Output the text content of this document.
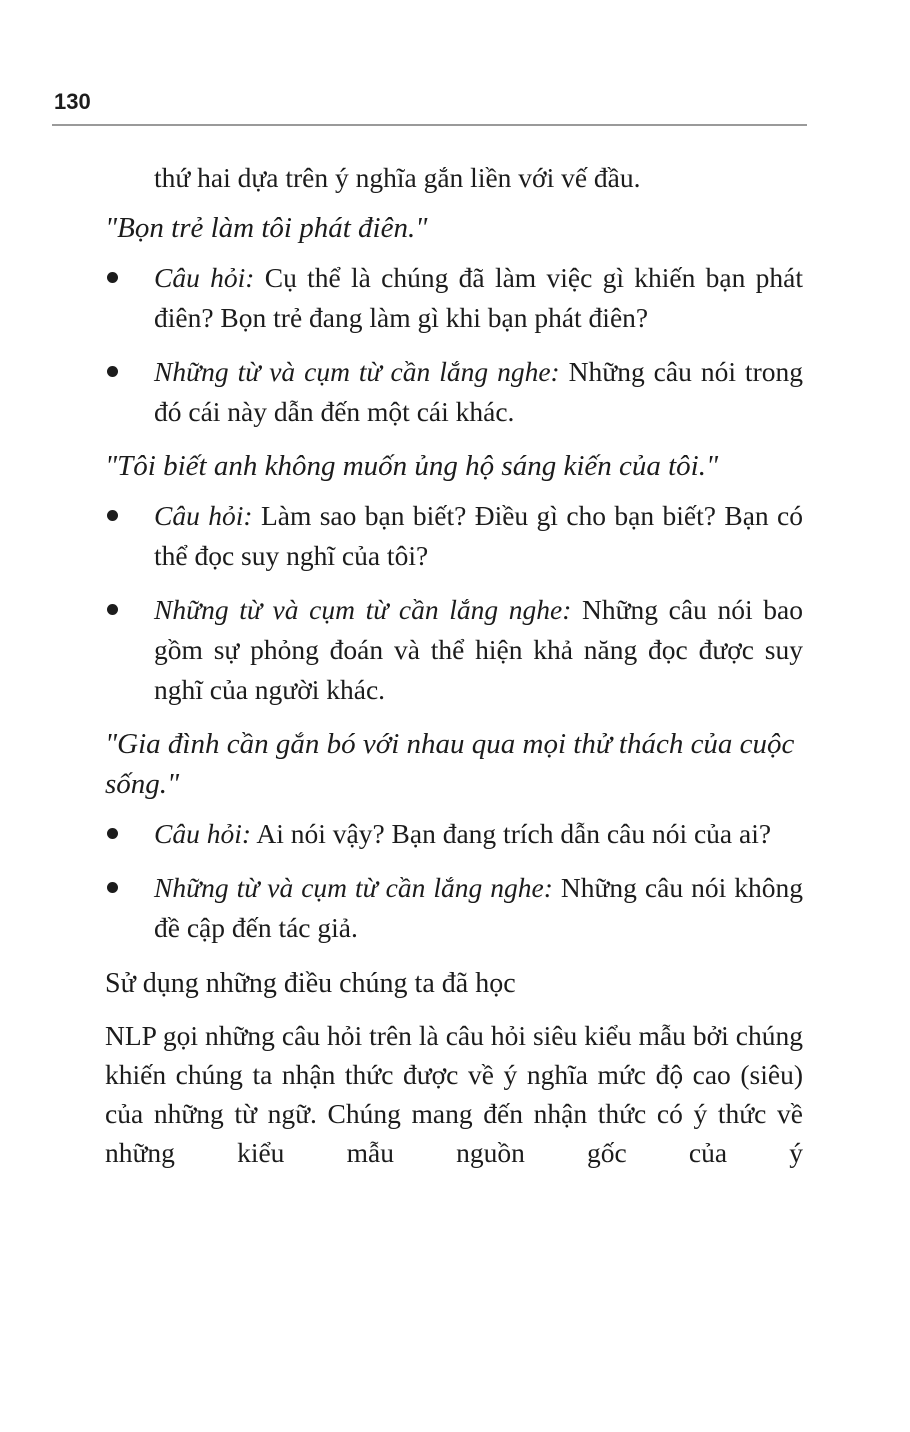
130

thứ hai dựa trên ý nghĩa gắn liền với vế đầu.

"Bọn trẻ làm tôi phát điên."

Câu hỏi: Cụ thể là chúng đã làm việc gì khiến bạn phát điên? Bọn trẻ đang làm gì khi bạn phát điên?
Những từ và cụm từ cần lắng nghe: Những câu nói trong đó cái này dẫn đến một cái khác.

"Tôi biết anh không muốn ủng hộ sáng kiến của tôi."

Câu hỏi: Làm sao bạn biết? Điều gì cho bạn biết? Bạn có thể đọc suy nghĩ của tôi?
Những từ và cụm từ cần lắng nghe: Những câu nói bao gồm sự phỏng đoán và thể hiện khả năng đọc được suy nghĩ của người khác.

"Gia đình cần gắn bó với nhau qua mọi thử thách của cuộc sống."

Câu hỏi: Ai nói vậy? Bạn đang trích dẫn câu nói của ai?
Những từ và cụm từ cần lắng nghe: Những câu nói không đề cập đến tác giả.
Sử dụng những điều chúng ta đã học

NLP gọi những câu hỏi trên là câu hỏi siêu kiểu mẫu bởi chúng khiến chúng ta nhận thức được về ý nghĩa mức độ cao (siêu) của những từ ngữ. Chúng mang đến nhận thức có ý thức về những kiểu mẫu nguồn gốc của ý
